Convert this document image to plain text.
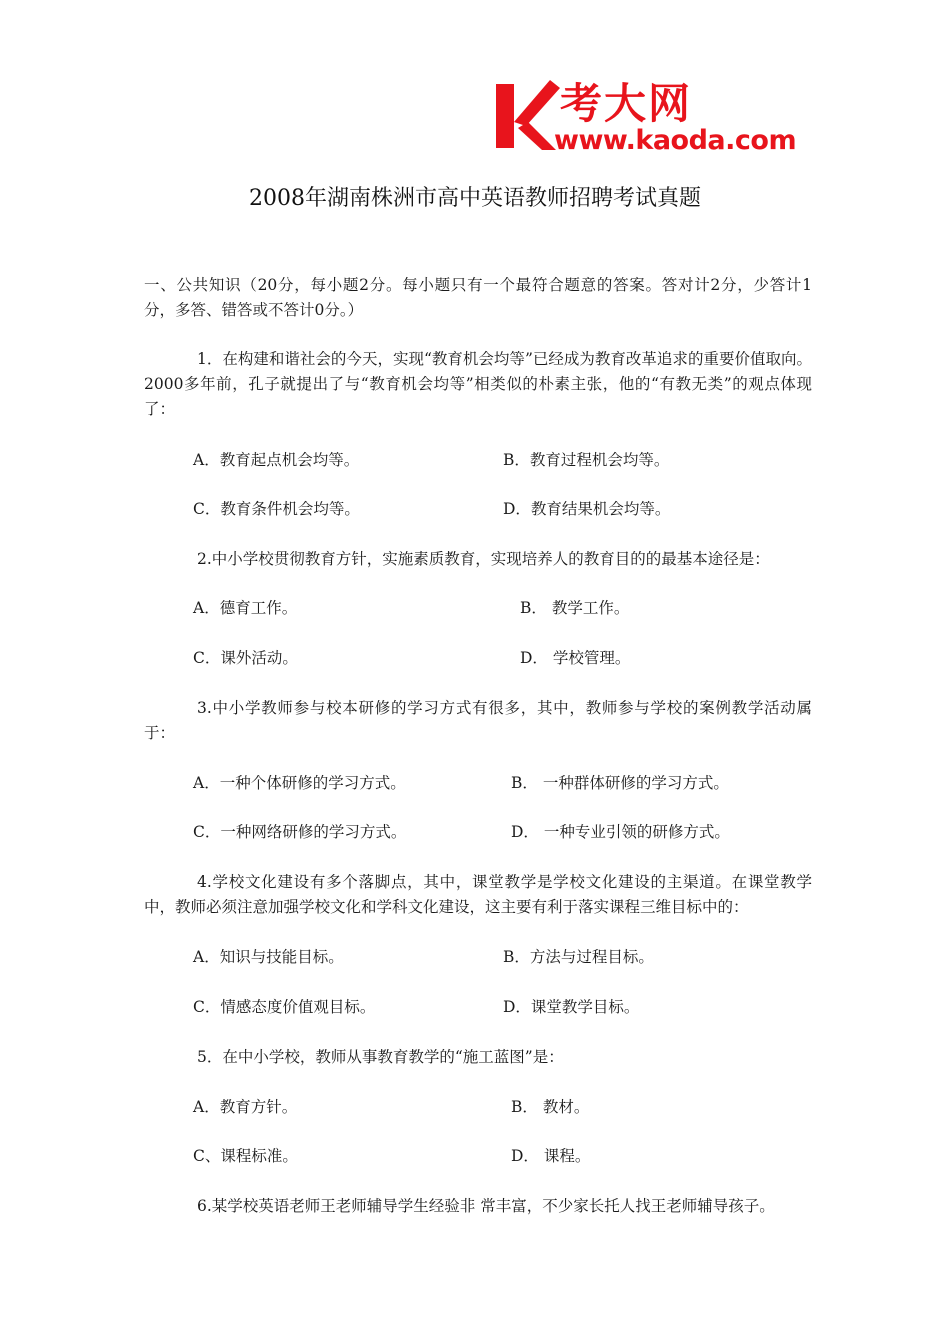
考大网
www.kaoda.com
2008年湖南株洲市高中英语教师招聘考试真题
一、公共知识（20分，每小题2分。每小题只有一个最符合题意的答案。答对计2分，少答计1分，多答、错答或不答计0分。）
1．在构建和谐社会的今天，实现“教育机会均等”已经成为教育改革追求的重要价值取向。2000多年前，孔子就提出了与“教育机会均等”相类似的朴素主张，他的“有教无类”的观点体现了：
A．教育起点机会均等。	B．教育过程机会均等。
C．教育条件机会均等。	D．教育结果机会均等。
2.中小学校贯彻教育方针，实施素质教育，实现培养人的教育目的的最基本途径是：
A．德育工作。	B． 教学工作。
C．课外活动。	D． 学校管理。
3.中小学教师参与校本研修的学习方式有很多，其中，教师参与学校的案例教学活动属于：
A．一种个体研修的学习方式。	B． 一种群体研修的学习方式。
C．一种网络研修的学习方式。	D． 一种专业引领的研修方式。
4.学校文化建设有多个落脚点，其中，课堂教学是学校文化建设的主渠道。在课堂教学中，教师必须注意加强学校文化和学科文化建设，这主要有利于落实课程三维目标中的：
A．知识与技能目标。	B．方法与过程目标。
C．情感态度价值观目标。	D．课堂教学目标。
5．在中小学校，教师从事教育教学的“施工蓝图”是：
A．教育方针。	B． 教材。
C、课程标准。	D． 课程。
6.某学校英语老师王老师辅导学生经验非 常丰富，不少家长托人找王老师辅导孩子。
